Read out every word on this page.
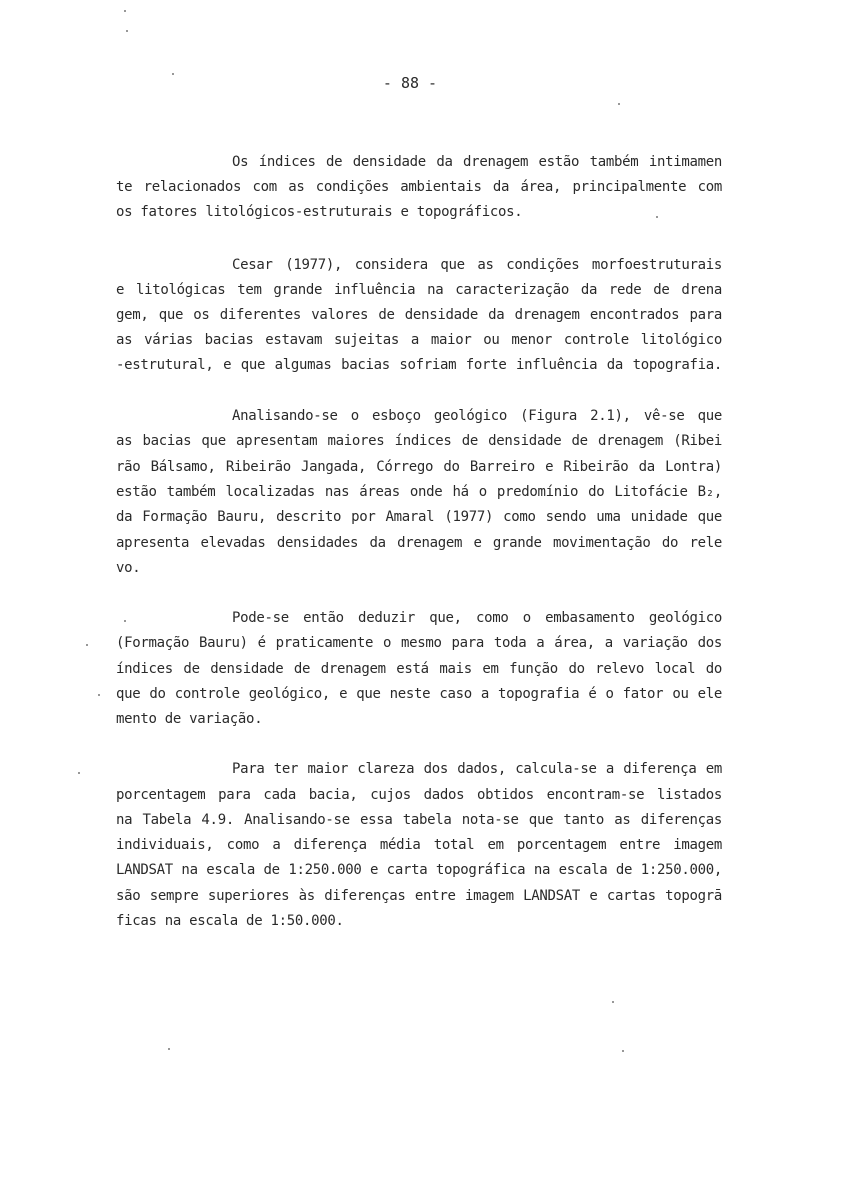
- 88 -
Os índices de densidade da drenagem estão também intimamen
te relacionados com as condições ambientais da área, principalmente com
os fatores litológicos-estruturais e topográficos.
Cesar (1977), considera que as condições morfoestruturais
e litológicas tem grande influência na caracterização da rede de drena
gem, que os diferentes valores de densidade da drenagem encontrados para
as várias bacias estavam sujeitas a maior ou menor controle litológico
-estrutural, e que algumas bacias sofriam forte influência da topografia.
Analisando-se o esboço geológico (Figura 2.1), vê-se que
as bacias que apresentam maiores índices de densidade de drenagem (Ribei
rão Bálsamo, Ribeirão Jangada, Córrego do Barreiro e Ribeirão da Lontra)
estão também localizadas nas áreas onde há o predomínio do Litofácie B₂,
da Formação Bauru, descrito por Amaral (1977) como sendo uma unidade que
apresenta elevadas densidades da drenagem e grande movimentação do rele
vo.
Pode-se então deduzir que, como o embasamento geológico
(Formação Bauru) é praticamente o mesmo para toda a área, a variação dos
índices de densidade de drenagem está mais em função do relevo local do
que do controle geológico, e que neste caso a topografia é o fator ou ele
mento de variação.
Para ter maior clareza dos dados, calcula-se a diferença em
porcentagem para cada bacia, cujos dados obtidos encontram-se listados
na Tabela 4.9. Analisando-se essa tabela nota-se que tanto as diferenças
individuais, como a diferença média total em porcentagem entre imagem
LANDSAT na escala de 1:250.000 e carta topográfica na escala de 1:250.000,
são sempre superiores às diferenças entre imagem LANDSAT e cartas topogrā
ficas na escala de 1:50.000.
